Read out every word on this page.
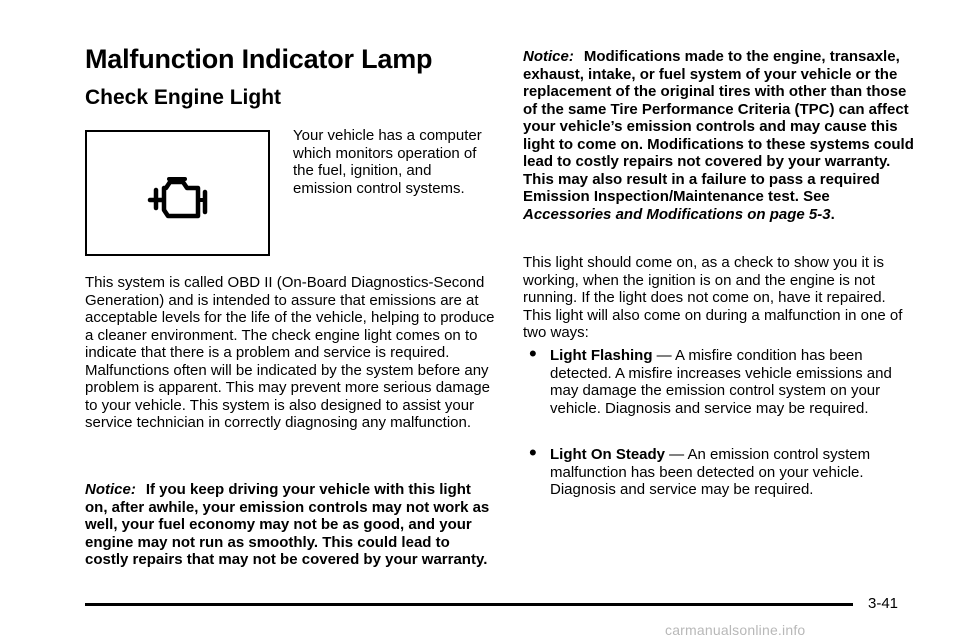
Malfunction Indicator Lamp
Check Engine Light

Your vehicle has a computer which monitors operation of the fuel, ignition, and emission control systems.

This system is called OBD II (On-Board Diagnostics-Second Generation) and is intended to assure that emissions are at acceptable levels for the life of the vehicle, helping to produce a cleaner environment. The check engine light comes on to indicate that there is a problem and service is required. Malfunctions often will be indicated by the system before any problem is apparent. This may prevent more serious damage to your vehicle. This system is also designed to assist your service technician in correctly diagnosing any malfunction.

Notice: If you keep driving your vehicle with this light on, after awhile, your emission controls may not work as well, your fuel economy may not be as good, and your engine may not run as smoothly. This could lead to costly repairs that may not be covered by your warranty.

Notice: Modifications made to the engine, transaxle, exhaust, intake, or fuel system of your vehicle or the replacement of the original tires with other than those of the same Tire Performance Criteria (TPC) can affect your vehicle’s emission controls and may cause this light to come on. Modifications to these systems could lead to costly repairs not covered by your warranty. This may also result in a failure to pass a required Emission Inspection/Maintenance test. See Accessories and Modifications on page 5-3.

This light should come on, as a check to show you it is working, when the ignition is on and the engine is not running. If the light does not come on, have it repaired. This light will also come on during a malfunction in one of two ways:

• Light Flashing — A misfire condition has been detected. A misfire increases vehicle emissions and may damage the emission control system on your vehicle. Diagnosis and service may be required.
• Light On Steady — An emission control system malfunction has been detected on your vehicle. Diagnosis and service may be required.
3-41
carmanualsonline.info
